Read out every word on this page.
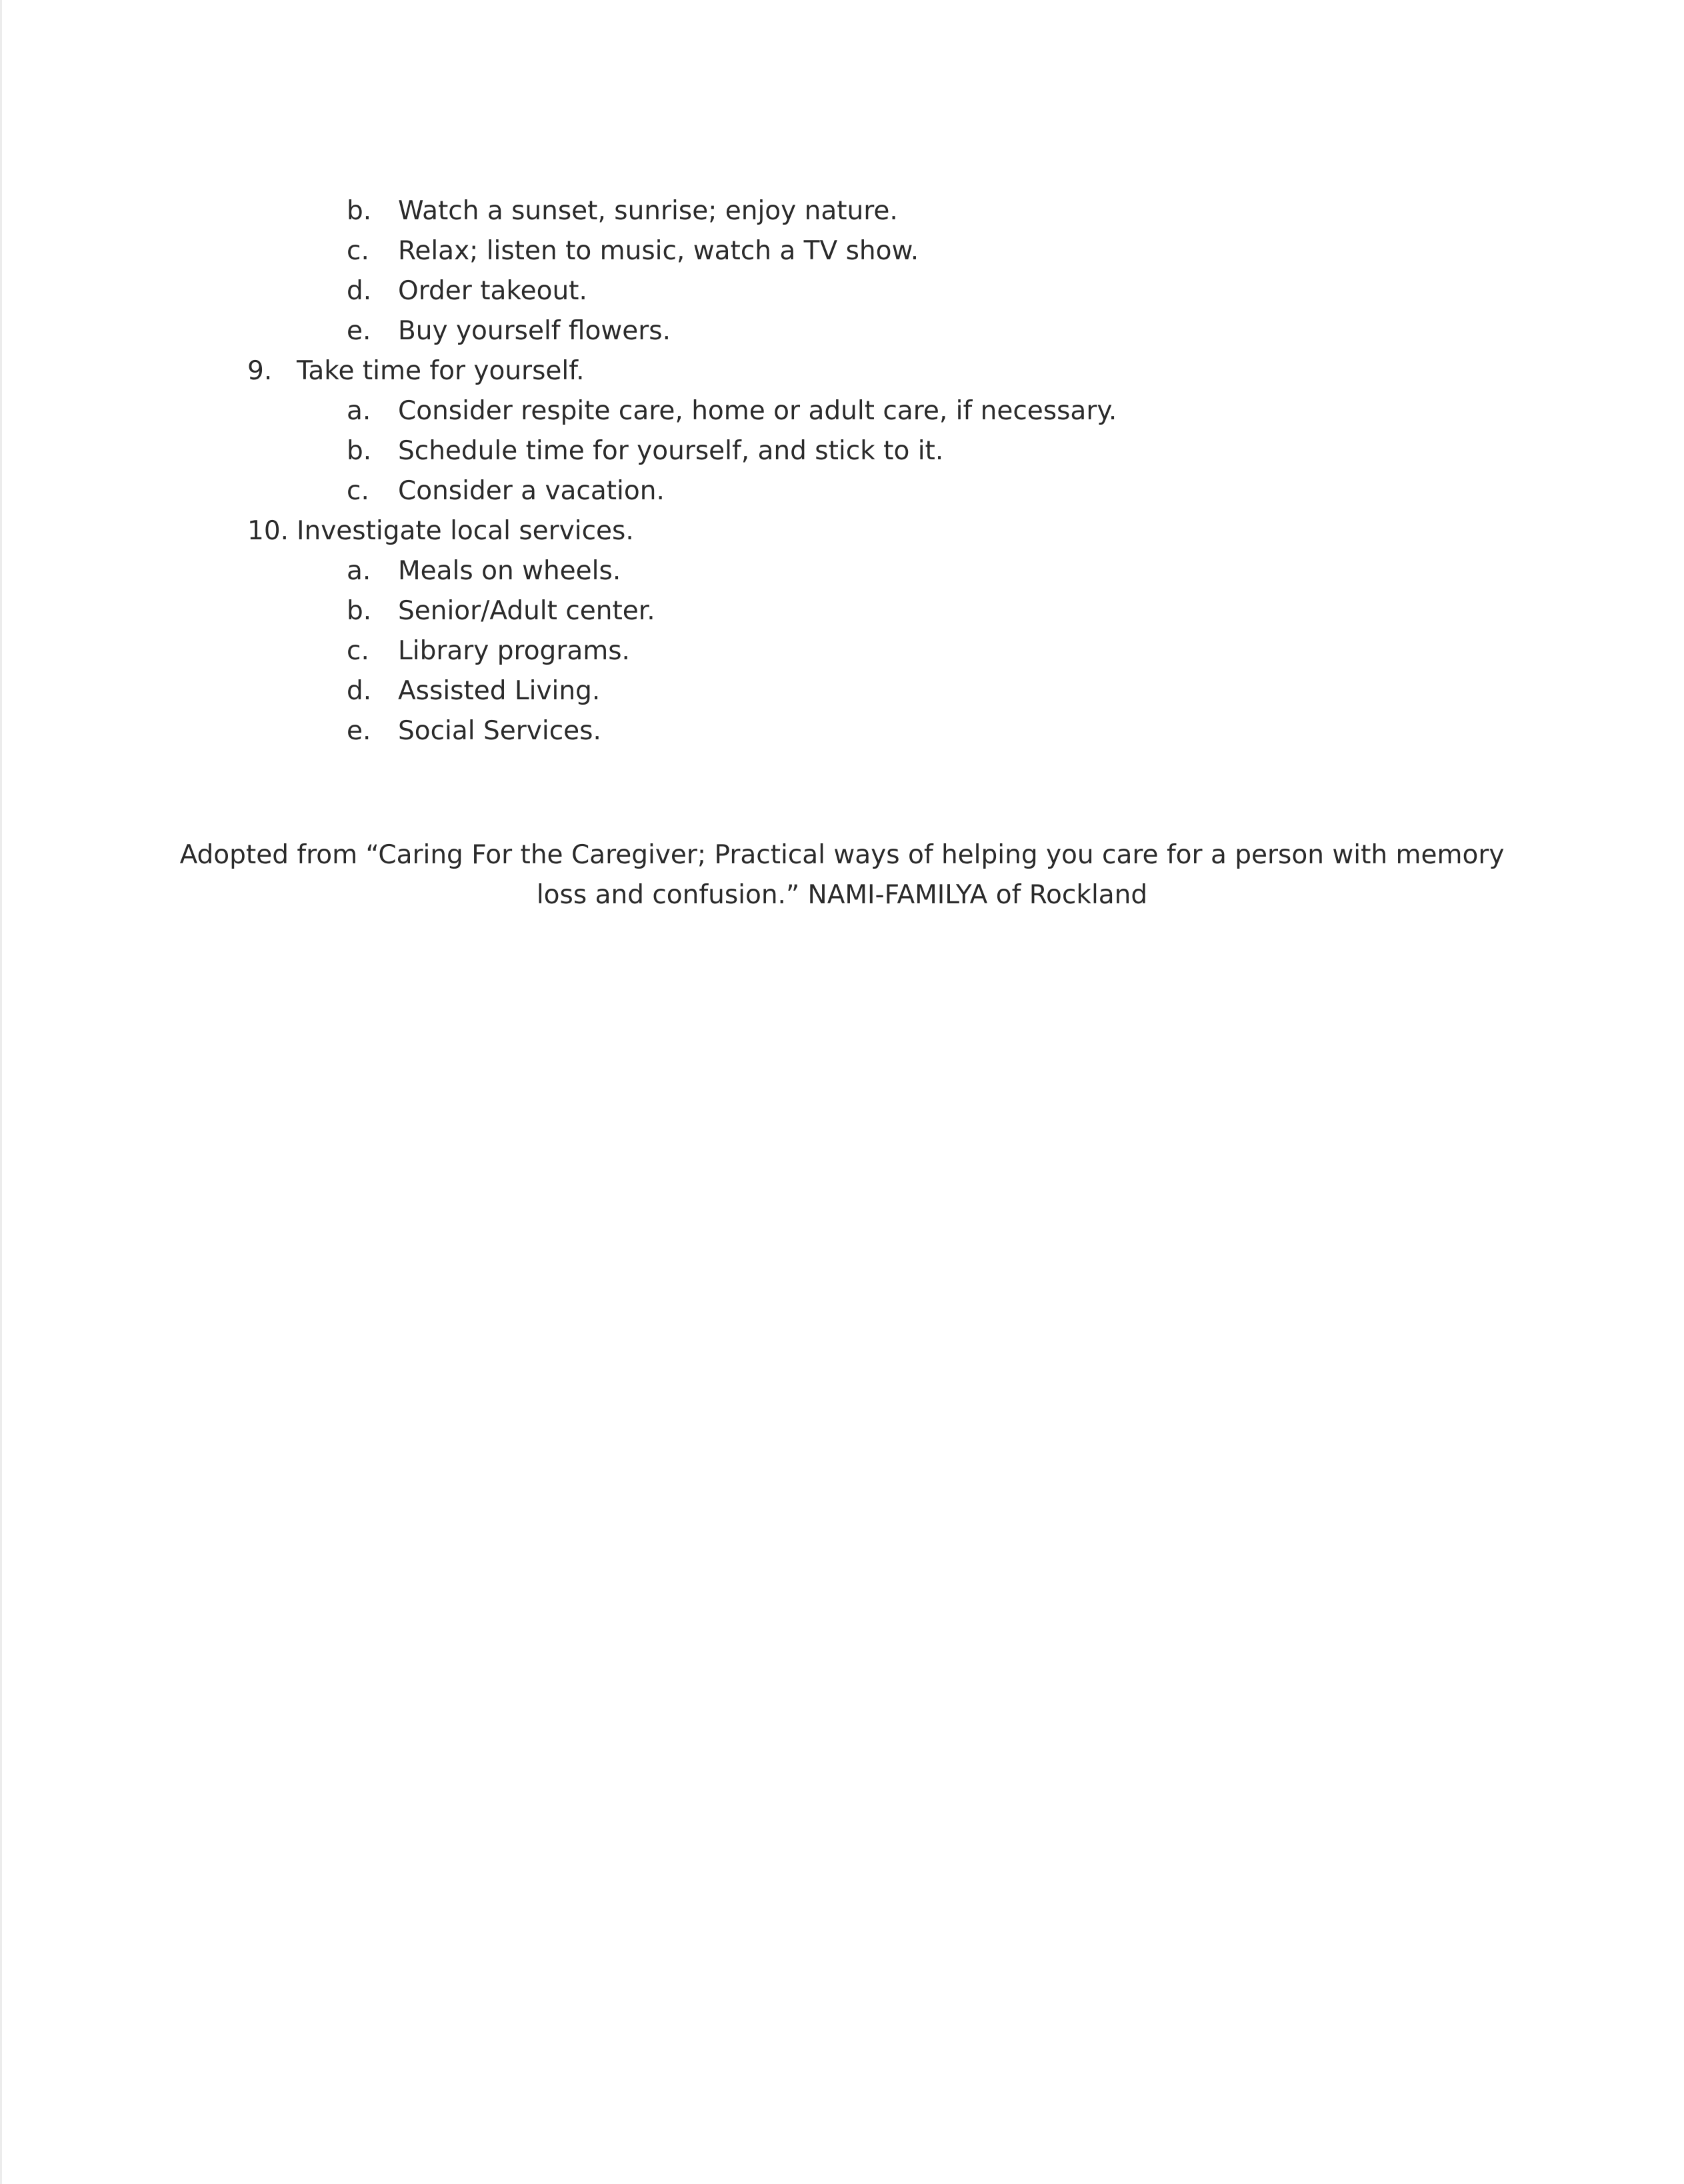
b. Watch a sunset, sunrise; enjoy nature.
c. Relax; listen to music, watch a TV show.
d. Order takeout.
e. Buy yourself flowers.
9. Take time for yourself.
a. Consider respite care, home or adult care, if necessary.
b. Schedule time for yourself, and stick to it.
c. Consider a vacation.
10. Investigate local services.
a. Meals on wheels.
b. Senior/Adult center.
c. Library programs.
d. Assisted Living.
e. Social Services.
Adopted from “Caring For the Caregiver; Practical ways of helping you care for a person with memory
loss and confusion.” NAMI-FAMILYA of Rockland
